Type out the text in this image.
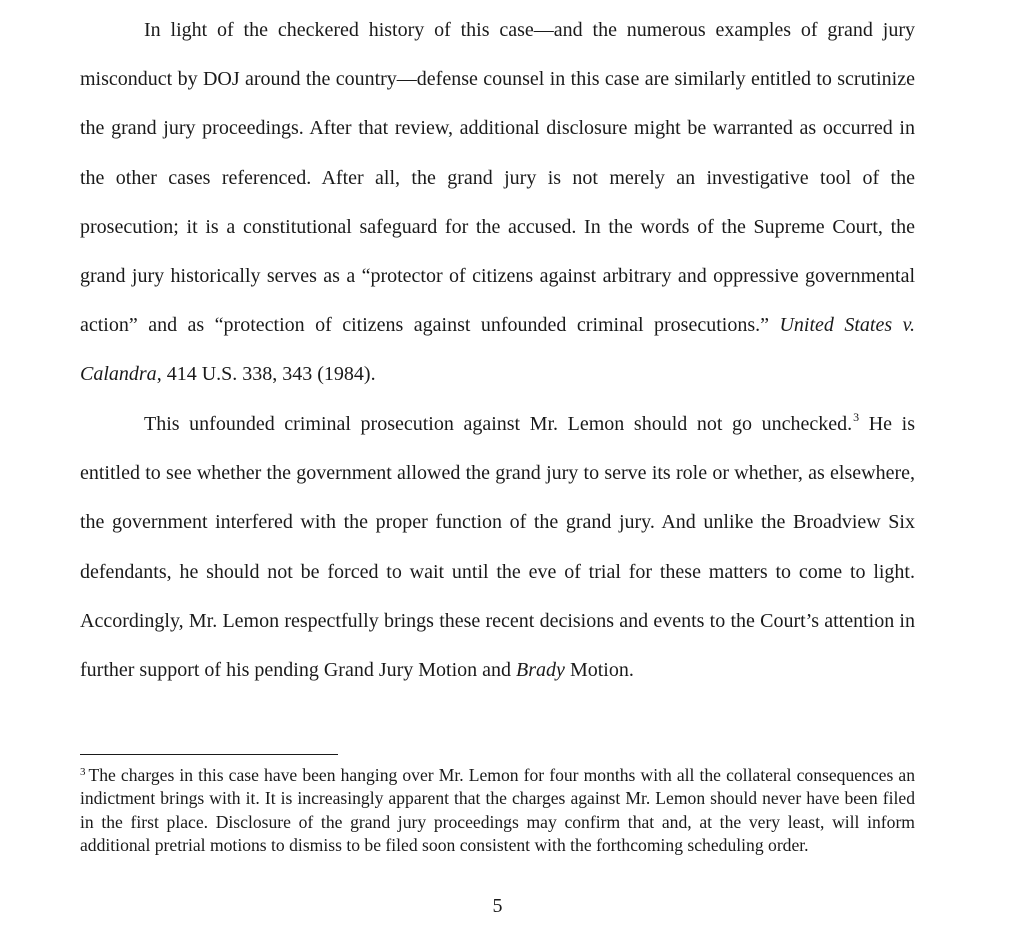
In light of the checkered history of this case—and the numerous examples of grand jury misconduct by DOJ around the country—defense counsel in this case are similarly entitled to scrutinize the grand jury proceedings. After that review, additional disclosure might be warranted as occurred in the other cases referenced. After all, the grand jury is not merely an investigative tool of the prosecution; it is a constitutional safeguard for the accused. In the words of the Supreme Court, the grand jury historically serves as a “protector of citizens against arbitrary and oppressive governmental action” and as “protection of citizens against unfounded criminal prosecutions.” United States v. Calandra, 414 U.S. 338, 343 (1984).

This unfounded criminal prosecution against Mr. Lemon should not go unchecked.$^3$ He is entitled to see whether the government allowed the grand jury to serve its role or whether, as elsewhere, the government interfered with the proper function of the grand jury. And unlike the Broadview Six defendants, he should not be forced to wait until the eve of trial for these matters to come to light. Accordingly, Mr. Lemon respectfully brings these recent decisions and events to the Court’s attention in further support of his pending Grand Jury Motion and Brady Motion.

$^3$ The charges in this case have been hanging over Mr. Lemon for four months with all the collateral consequences an indictment brings with it. It is increasingly apparent that the charges against Mr. Lemon should never have been filed in the first place. Disclosure of the grand jury proceedings may confirm that and, at the very least, will inform additional pretrial motions to dismiss to be filed soon consistent with the forthcoming scheduling order.

5
